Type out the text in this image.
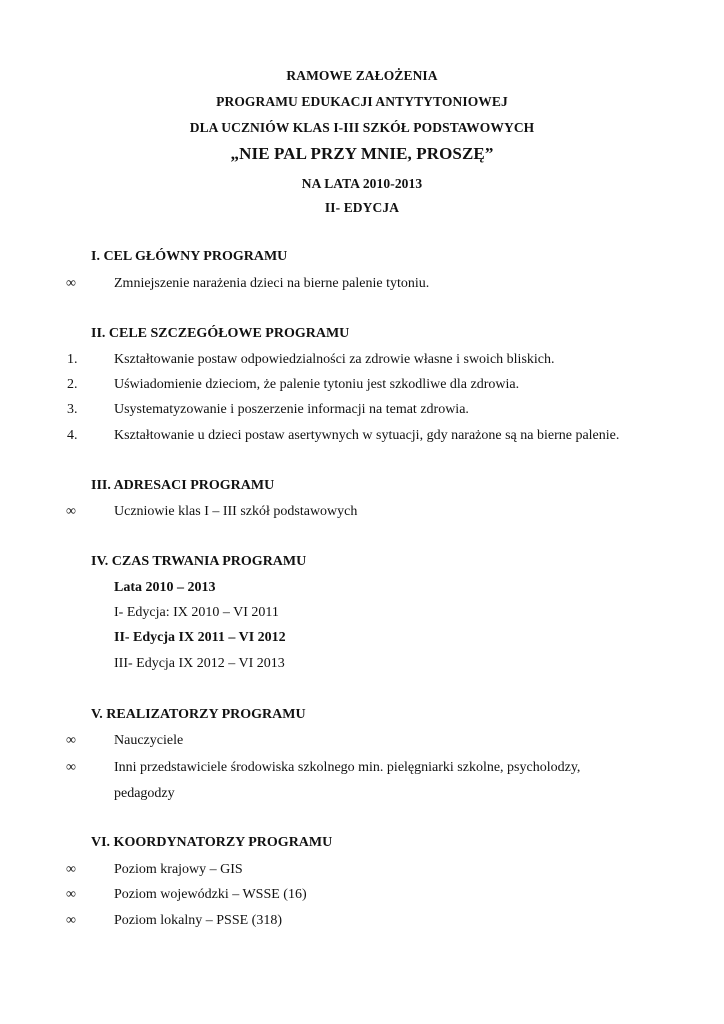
RAMOWE ZAŁOŻENIA
PROGRAMU EDUKACJI ANTYTYTONIOWEJ
DLA UCZNIÓW KLAS I-III SZKÓŁ PODSTAWOWYCH
„NIE PAL PRZY MNIE, PROSZĘ”
NA LATA 2010-2013
II- EDYCJA
I. CEL GŁÓWNY PROGRAMU
∞	Zmniejszenie narażenia dzieci na bierne palenie tytoniu.
II. CELE SZCZEGÓŁOWE PROGRAMU
1.	Kształtowanie postaw odpowiedzialności za zdrowie własne i swoich bliskich.
2.	Uświadomienie dzieciom, że palenie tytoniu jest szkodliwe dla zdrowia.
3.	Usystematyzowanie i poszerzenie informacji na temat zdrowia.
4.	Kształtowanie u dzieci postaw asertywnych w sytuacji, gdy narażone są na bierne palenie.
III. ADRESACI PROGRAMU
∞	Uczniowie klas I – III szkół podstawowych
IV. CZAS TRWANIA PROGRAMU
Lata 2010 – 2013
I- Edycja: IX 2010 – VI 2011
II- Edycja IX 2011 – VI 2012
III- Edycja IX 2012 – VI 2013
V. REALIZATORZY PROGRAMU
∞	Nauczyciele
∞	Inni przedstawiciele środowiska szkolnego min. pielęgniarki szkolne, psycholodzy,
pedagodzy
VI. KOORDYNATORZY PROGRAMU
∞	Poziom krajowy – GIS
∞	Poziom wojewódzki – WSSE (16)
∞	Poziom lokalny – PSSE (318)
